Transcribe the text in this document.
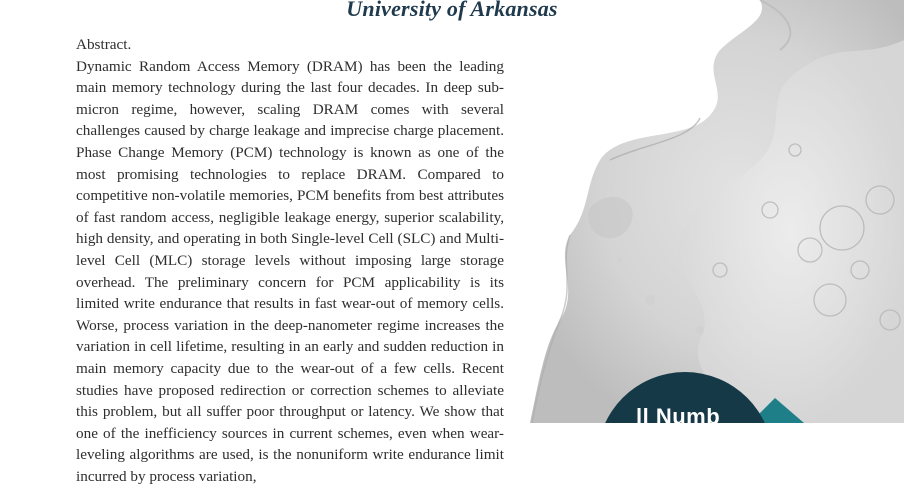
University of Arkansas
Abstract.
Dynamic Random Access Memory (DRAM) has been the leading main memory technology during the last four decades. In deep sub-micron regime, however, scaling DRAM comes with several challenges caused by charge leakage and imprecise charge placement. Phase Change Memory (PCM) technology is known as one of the most promising technologies to replace DRAM. Compared to competitive non-volatile memories, PCM benefits from best attributes of fast random access, negligible leakage energy, superior scalability, high density, and operating in both Single-level Cell (SLC) and Multi-level Cell (MLC) storage levels without imposing large storage overhead. The preliminary concern for PCM applicability is its limited write endurance that results in fast wear-out of memory cells. Worse, process variation in the deep-nanometer regime increases the variation in cell lifetime, resulting in an early and sudden reduction in main memory capacity due to the wear-out of a few cells. Recent studies have proposed redirection or correction schemes to alleviate this problem, but all suffer poor throughput or latency. We show that one of the inefficiency sources in current schemes, even when wear-leveling algorithms are used, is the nonuniform write endurance limit incurred by process variation,
ll Numb
